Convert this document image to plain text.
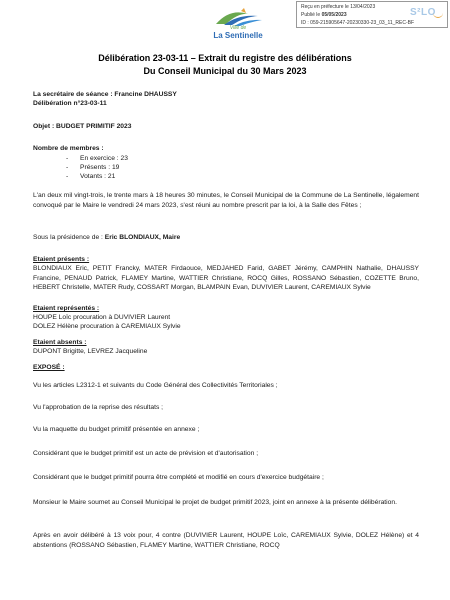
Ville de
La Sentinelle
Reçu en préfecture le 13/04/2023
Publié le 05/05/2023
ID : 059-215905647-20230330-23_03_11_REC-BF
S²LO
Délibération 23-03-11 – Extrait du registre des délibérations
Du Conseil Municipal du 30 Mars 2023
La secrétaire de séance : Francine DHAUSSY
Délibération n°23-03-11
Objet : BUDGET PRIMITIF 2023
Nombre de membres :
- En exercice : 23
- Présents : 19
- Votants : 21
L'an deux mil vingt-trois, le trente mars à 18 heures 30 minutes, le Conseil Municipal de la Commune de La Sentinelle, légalement convoqué par le Maire le vendredi 24 mars 2023, s'est réuni au nombre prescrit par la loi, à la Salle des Fêtes ;
Sous la présidence de : Eric BLONDIAUX, Maire
Etaient présents :
BLONDIAUX Eric, PETIT Francky, MATER Firdaouce, MEDJAHED Farid, GABET Jérémy, CAMPHIN Nathalie, DHAUSSY Francine, PENAUD Patrick, FLAMEY Martine, WATTIER Christiane, ROCQ Gilles, ROSSANO Sébastien, COZETTE Bruno, HEBERT Christelle, MATER Rudy, COSSART Morgan, BLAMPAIN Evan, DUVIVIER Laurent, CAREMIAUX Sylvie
Etaient représentés :
HOUPE Loïc procuration à DUVIVIER Laurent
DOLEZ Hélène procuration à CAREMIAUX Sylvie
Etaient absents :
DUPONT Brigitte, LEVREZ Jacqueline
EXPOSÉ :
Vu les articles L2312-1 et suivants du Code Général des Collectivités Territoriales ;
Vu l'approbation de la reprise des résultats ;
Vu la maquette du budget primitif présentée en annexe ;
Considérant que le budget primitif est un acte de prévision et d'autorisation ;
Considérant que le budget primitif pourra être complété et modifié en cours d'exercice budgétaire ;
Monsieur le Maire soumet au Conseil Municipal le projet de budget primitif 2023, joint en annexe à la présente délibération.
Après en avoir délibéré à 13 voix pour, 4 contre (DUVIVIER Laurent, HOUPE Loïc, CAREMIAUX Sylvie, DOLEZ Hélène) et 4 abstentions (ROSSANO Sébastien, FLAMEY Martine, WATTIER Christiane, ROCQ
